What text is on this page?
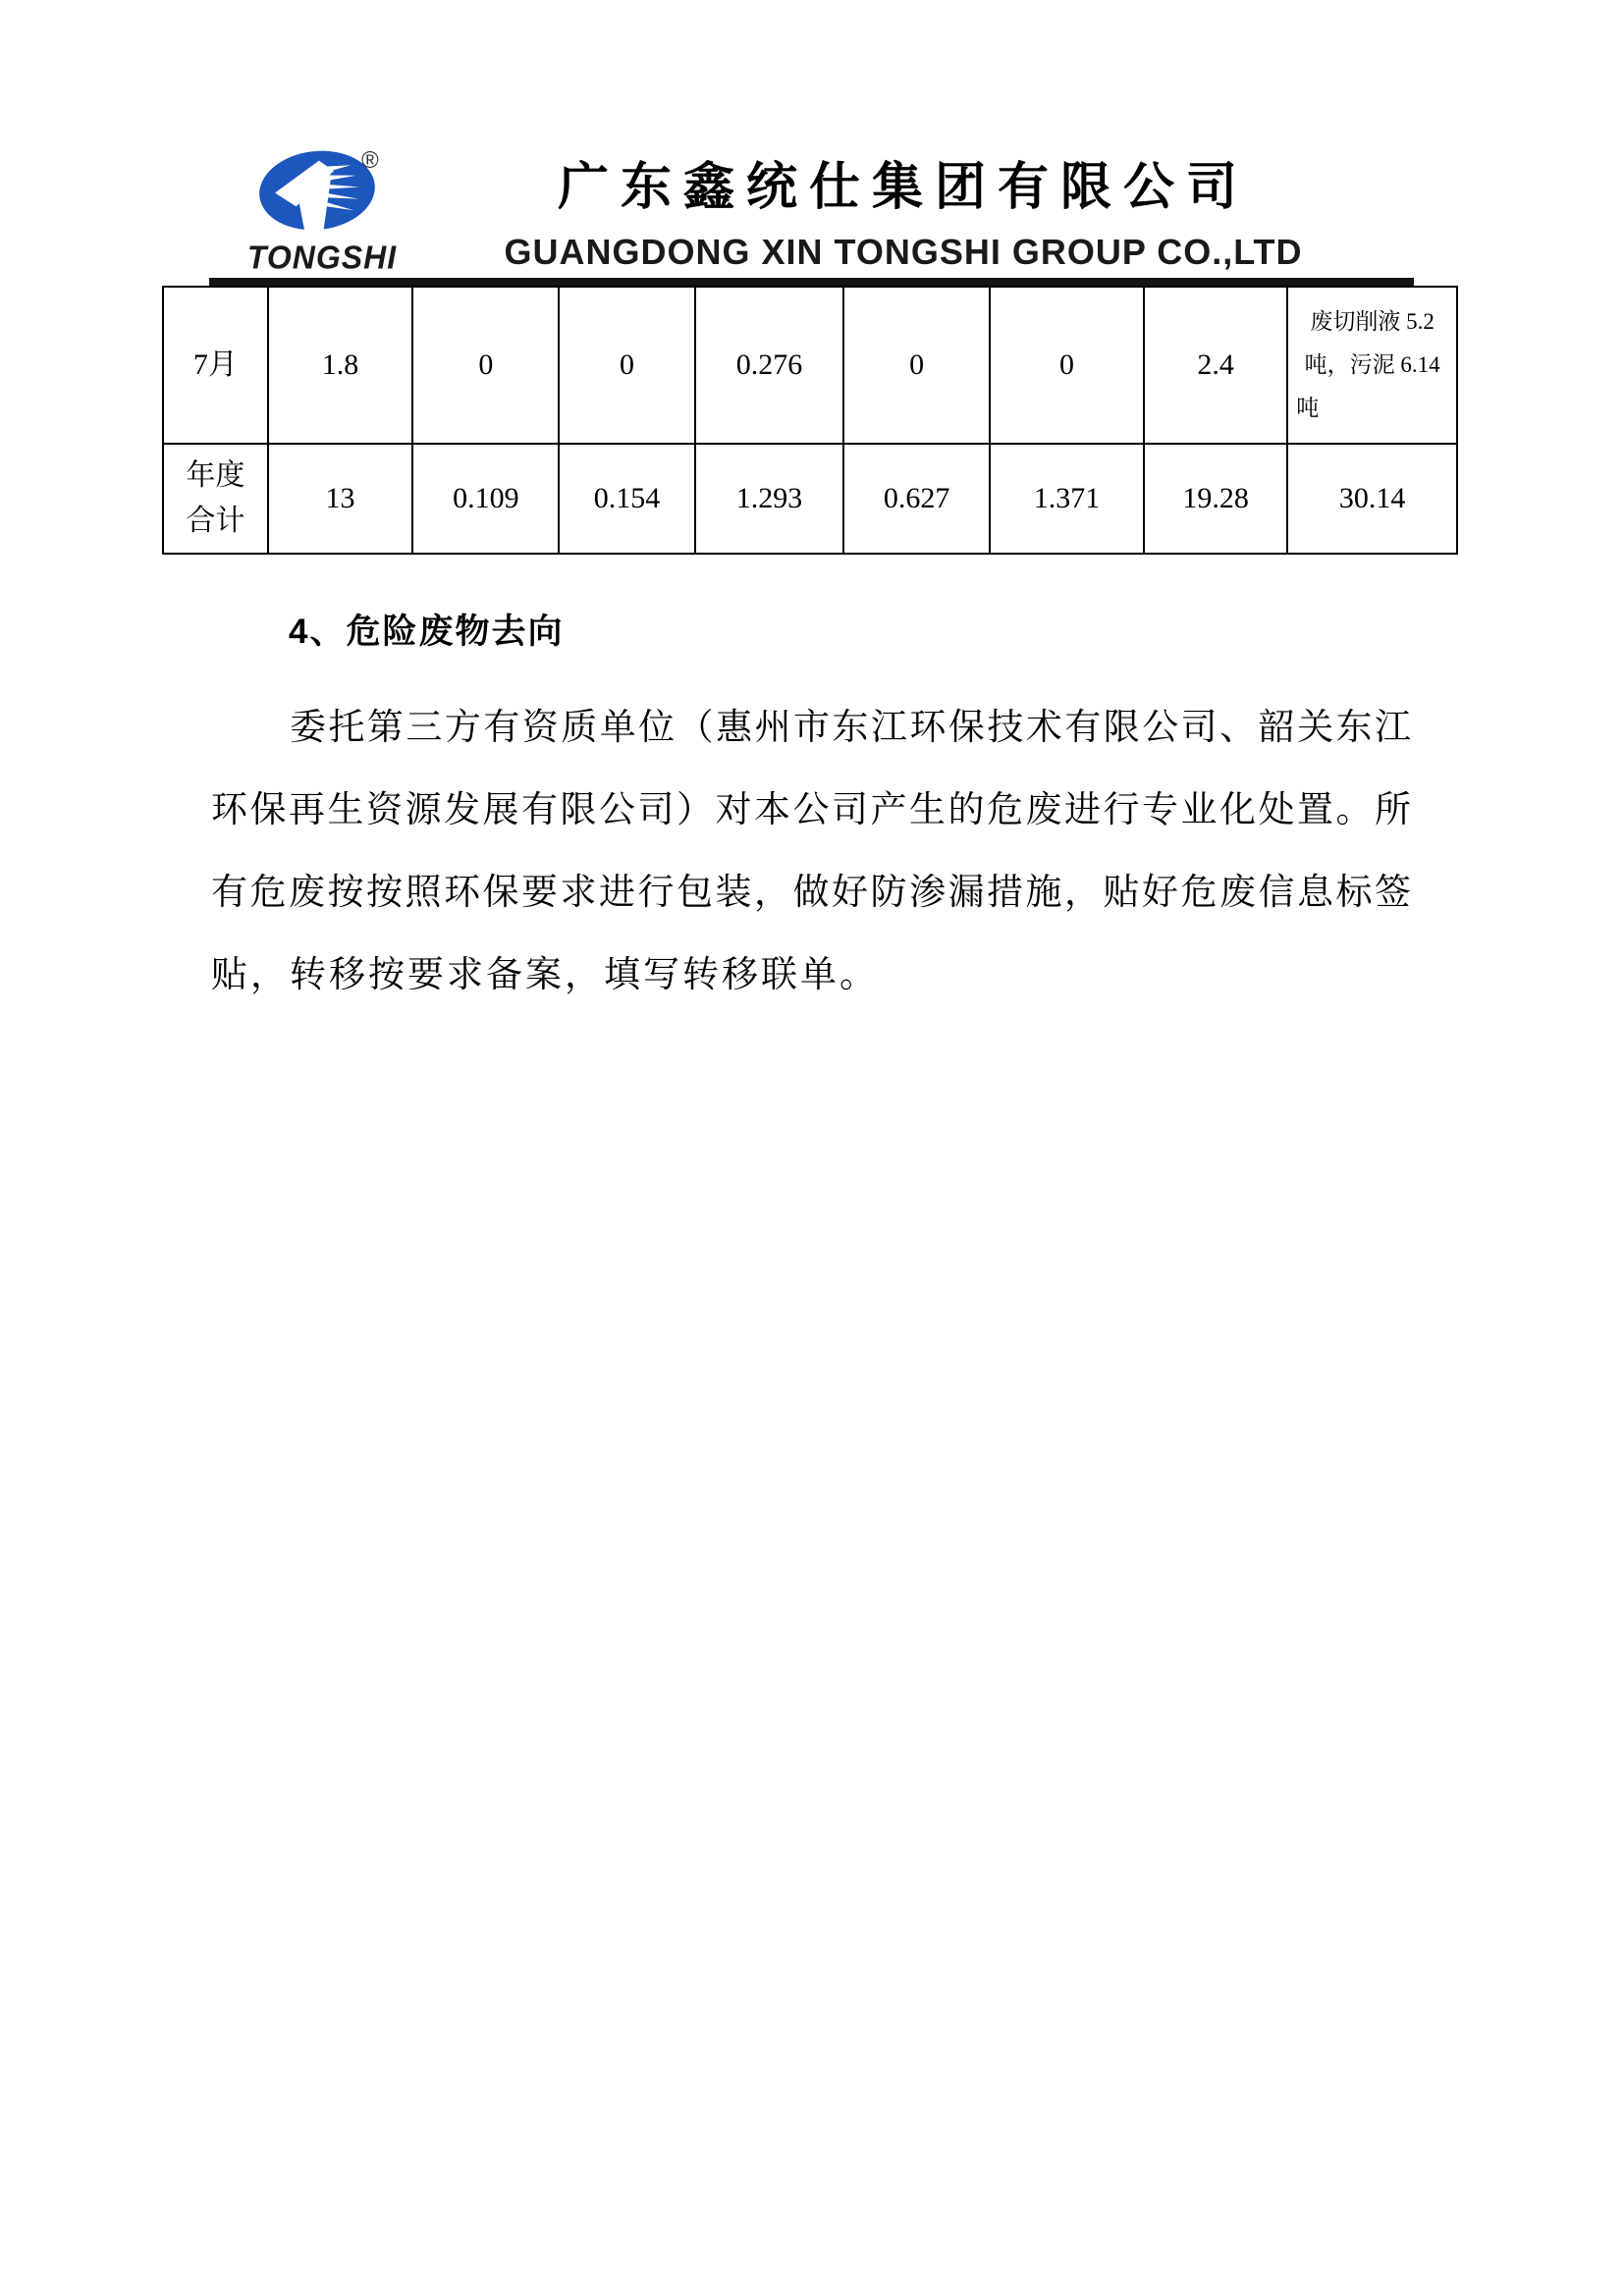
®
TONGSHI
广东鑫统仕集团有限公司
GUANGDONG XIN TONGSHI GROUP CO.,LTD
7月	1.8	0	0	0.276	0	0	2.4	废切削液 5.2 吨，污泥 6.14 吨
年度合计	13	0.109	0.154	1.293	0.627	1.371	19.28	30.14
4、危险废物去向
委托第三方有资质单位（惠州市东江环保技术有限公司、韶关东江
环保再生资源发展有限公司）对本公司产生的危废进行专业化处置。所
有危废按按照环保要求进行包装，做好防渗漏措施，贴好危废信息标签
贴，转移按要求备案，填写转移联单。
